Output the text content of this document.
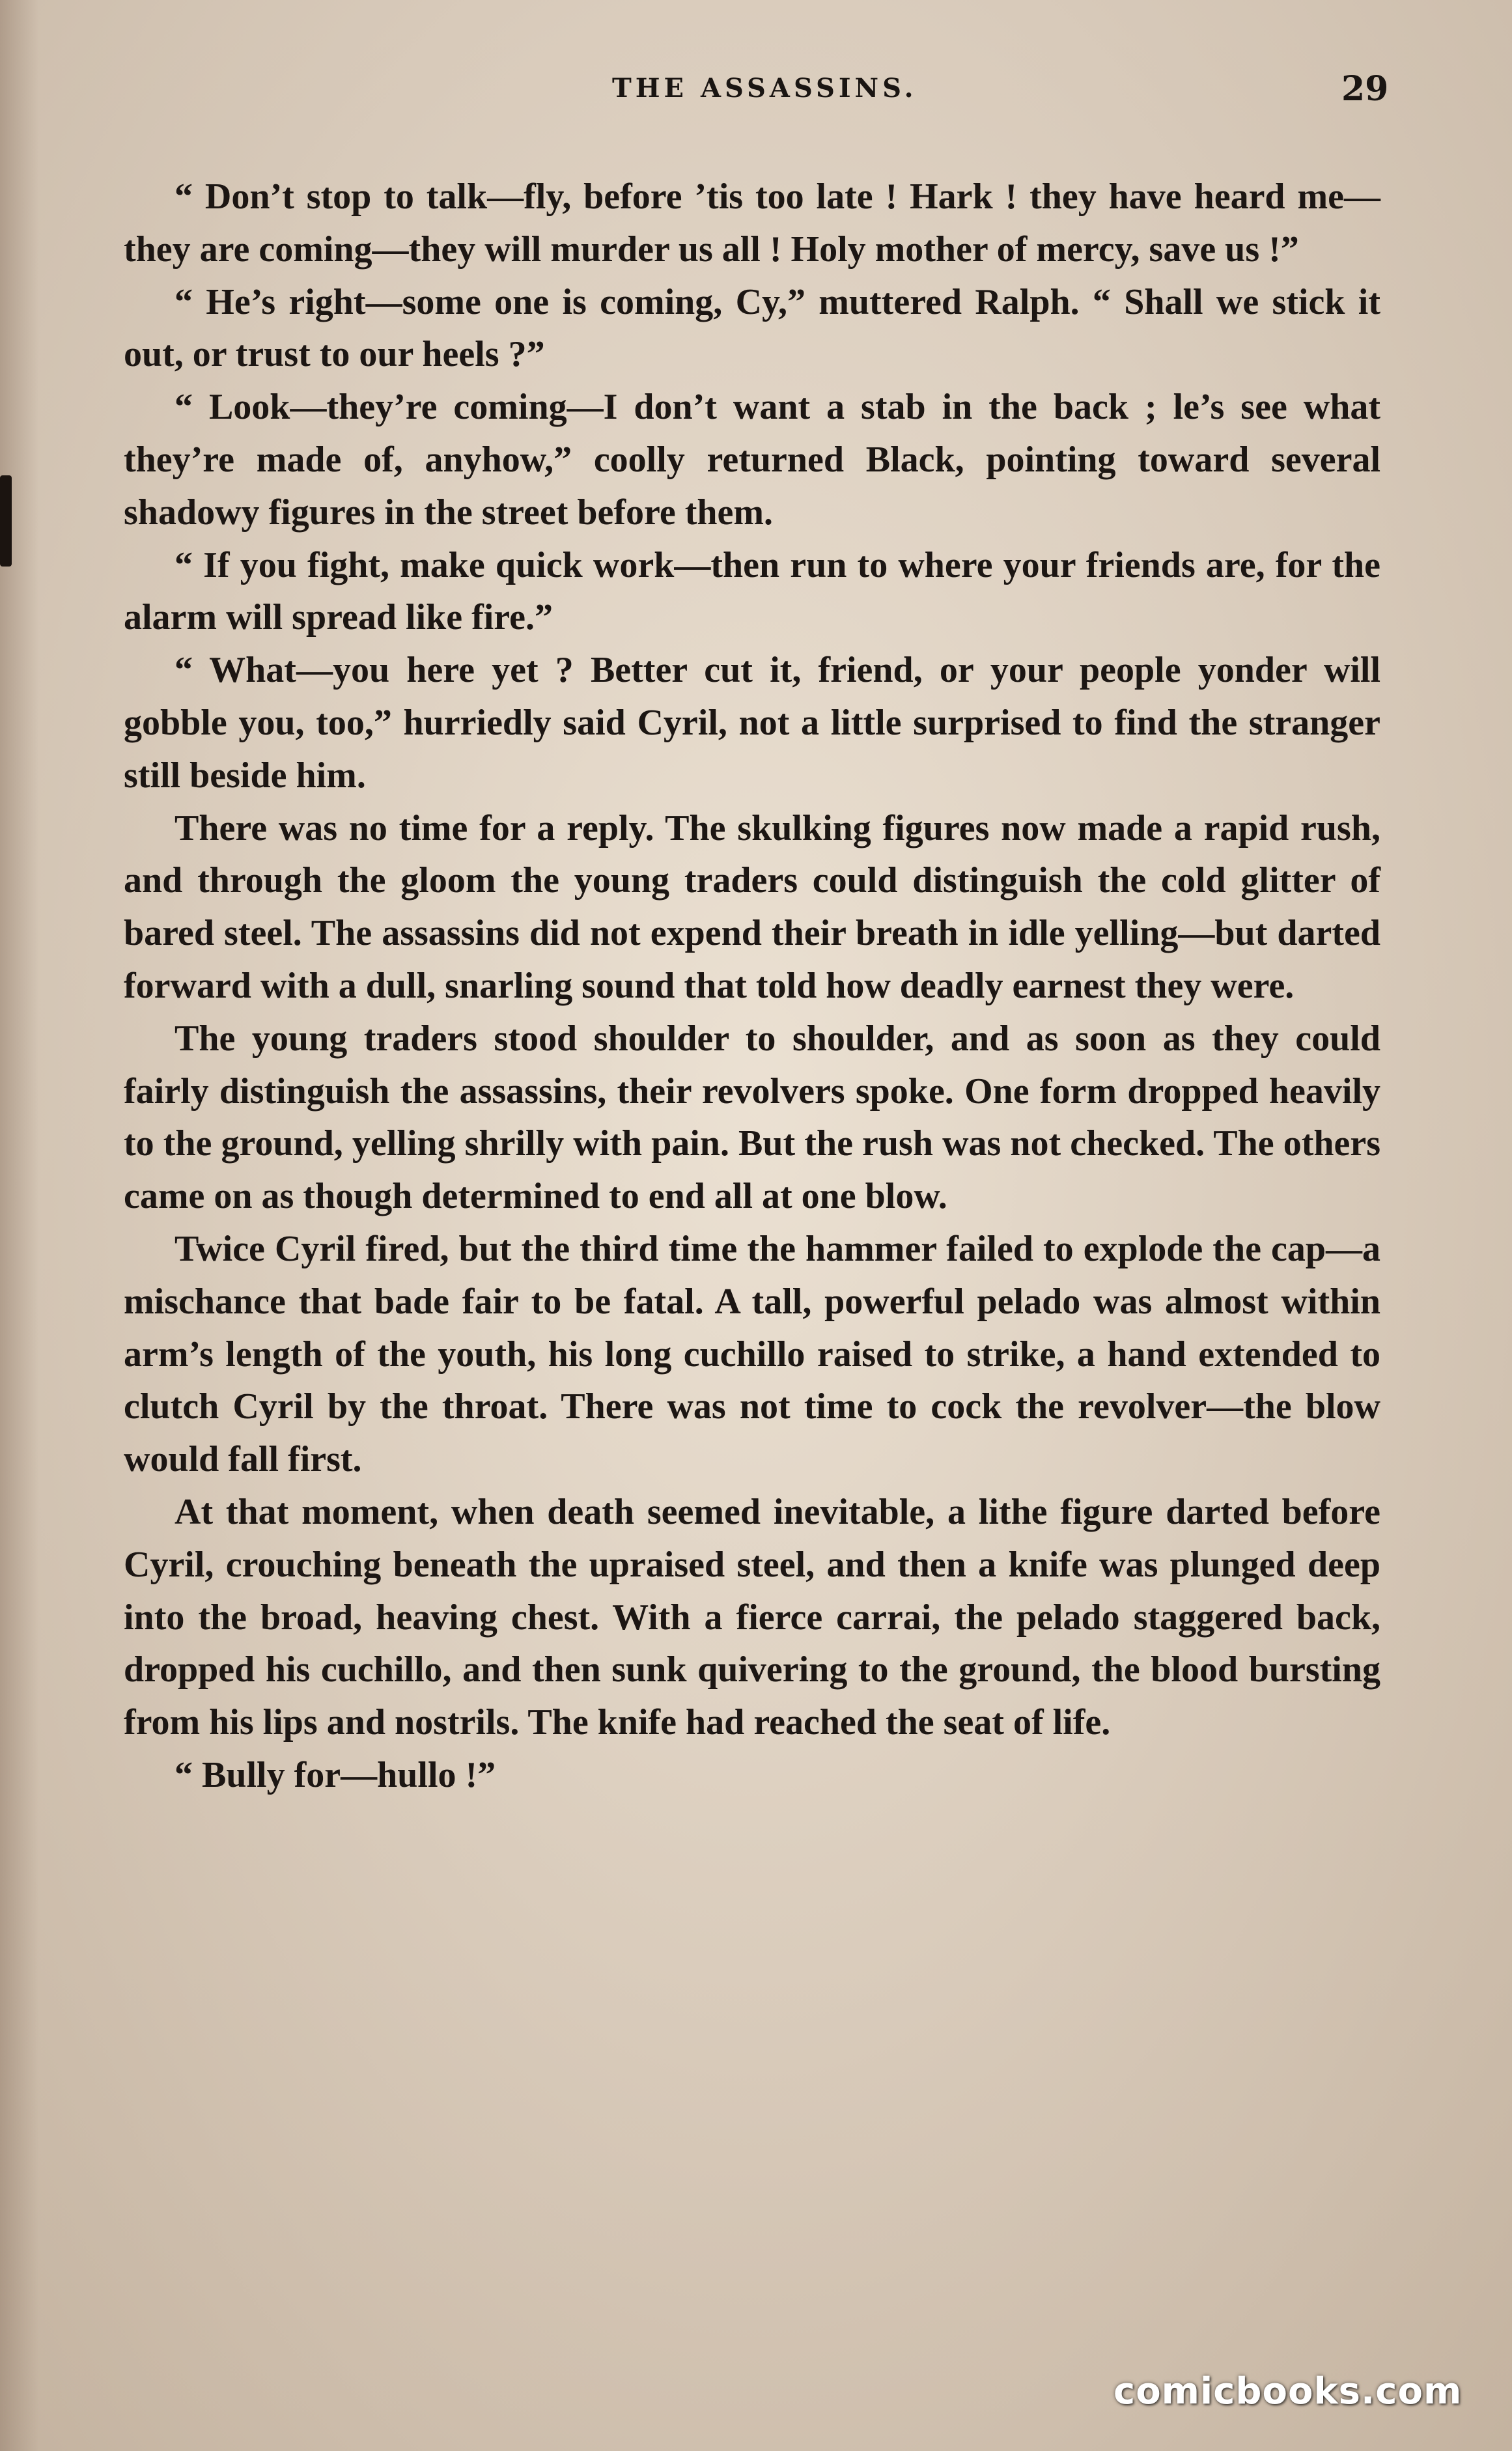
THE ASSASSINS.	29

“ Don’t stop to talk—fly, before ’tis too late ! Hark ! they have heard me—they are coming—they will murder us all ! Holy mother of mercy, save us !”

“ He’s right—some one is coming, Cy,” muttered Ralph. “ Shall we stick it out, or trust to our heels ?”

“ Look—they’re coming—I don’t want a stab in the back ; le’s see what they’re made of, anyhow,” coolly returned Black, pointing toward several shadowy figures in the street before them.

“ If you fight, make quick work—then run to where your friends are, for the alarm will spread like fire.”

“ What—you here yet ? Better cut it, friend, or your people yonder will gobble you, too,” hurriedly said Cyril, not a little surprised to find the stranger still beside him.

There was no time for a reply. The skulking figures now made a rapid rush, and through the gloom the young traders could distinguish the cold glitter of bared steel. The assassins did not expend their breath in idle yelling—but darted forward with a dull, snarling sound that told how deadly earnest they were.

The young traders stood shoulder to shoulder, and as soon as they could fairly distinguish the assassins, their revolvers spoke. One form dropped heavily to the ground, yelling shrilly with pain. But the rush was not checked. The others came on as though determined to end all at one blow.

Twice Cyril fired, but the third time the hammer failed to explode the cap—a mischance that bade fair to be fatal. A tall, powerful pelado was almost within arm’s length of the youth, his long cuchillo raised to strike, a hand extended to clutch Cyril by the throat. There was not time to cock the revolver—the blow would fall first.

At that moment, when death seemed inevitable, a lithe figure darted before Cyril, crouching beneath the upraised steel, and then a knife was plunged deep into the broad, heaving chest. With a fierce carrai, the pelado staggered back, dropped his cuchillo, and then sunk quivering to the ground, the blood bursting from his lips and nostrils. The knife had reached the seat of life.

“ Bully for—hullo !”

comicbooks.com
